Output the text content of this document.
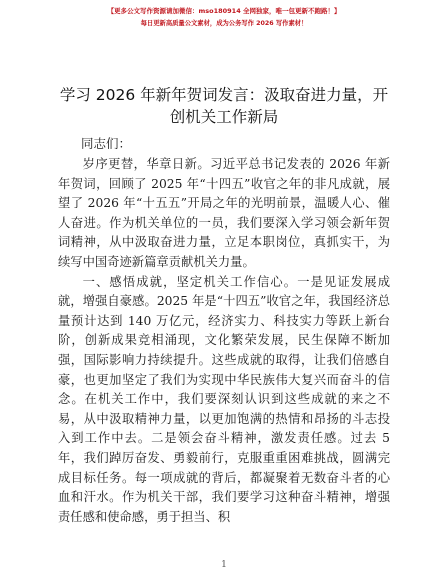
【更多公文写作资源请加微信：mso180914 全网独家，唯一包更新不跑路！】
每日更新高质量公文素材，成为公务写作 2026 写作素材！
学习 2026 年新年贺词发言：汲取奋进力量，开创机关工作新局
同志们：

岁序更替，华章日新。习近平总书记发表的 2026 年新年贺词，回顾了 2025 年“十四五”收官之年的非凡成就，展望了 2026 年“十五五”开局之年的光明前景，温暖人心、催人奋进。作为机关单位的一员，我们要深入学习领会新年贺词精神，从中汲取奋进力量，立足本职岗位，真抓实干，为续写中国奇迹新篇章贡献机关力量。

一、感悟成就，坚定机关工作信心。一是见证发展成就，增强自豪感。2025 年是“十四五”收官之年，我国经济总量预计达到 140 万亿元，经济实力、科技实力等跃上新台阶，创新成果竞相涌现，文化繁荣发展，民生保障不断加强，国际影响力持续提升。这些成就的取得，让我们倍感自豪，也更加坚定了我们为实现中华民族伟大复兴而奋斗的信念。在机关工作中，我们要深刻认识到这些成就的来之不易，从中汲取精神力量，以更加饱满的热情和昂扬的斗志投入到工作中去。二是领会奋斗精神，激发责任感。过去 5 年，我们踔厉奋发、勇毅前行，克服重重困难挑战，圆满完成目标任务。每一项成就的背后，都凝聚着无数奋斗者的心血和汗水。作为机关干部，我们要学习这种奋斗精神，增强责任感和使命感，勇于担当、积

1
